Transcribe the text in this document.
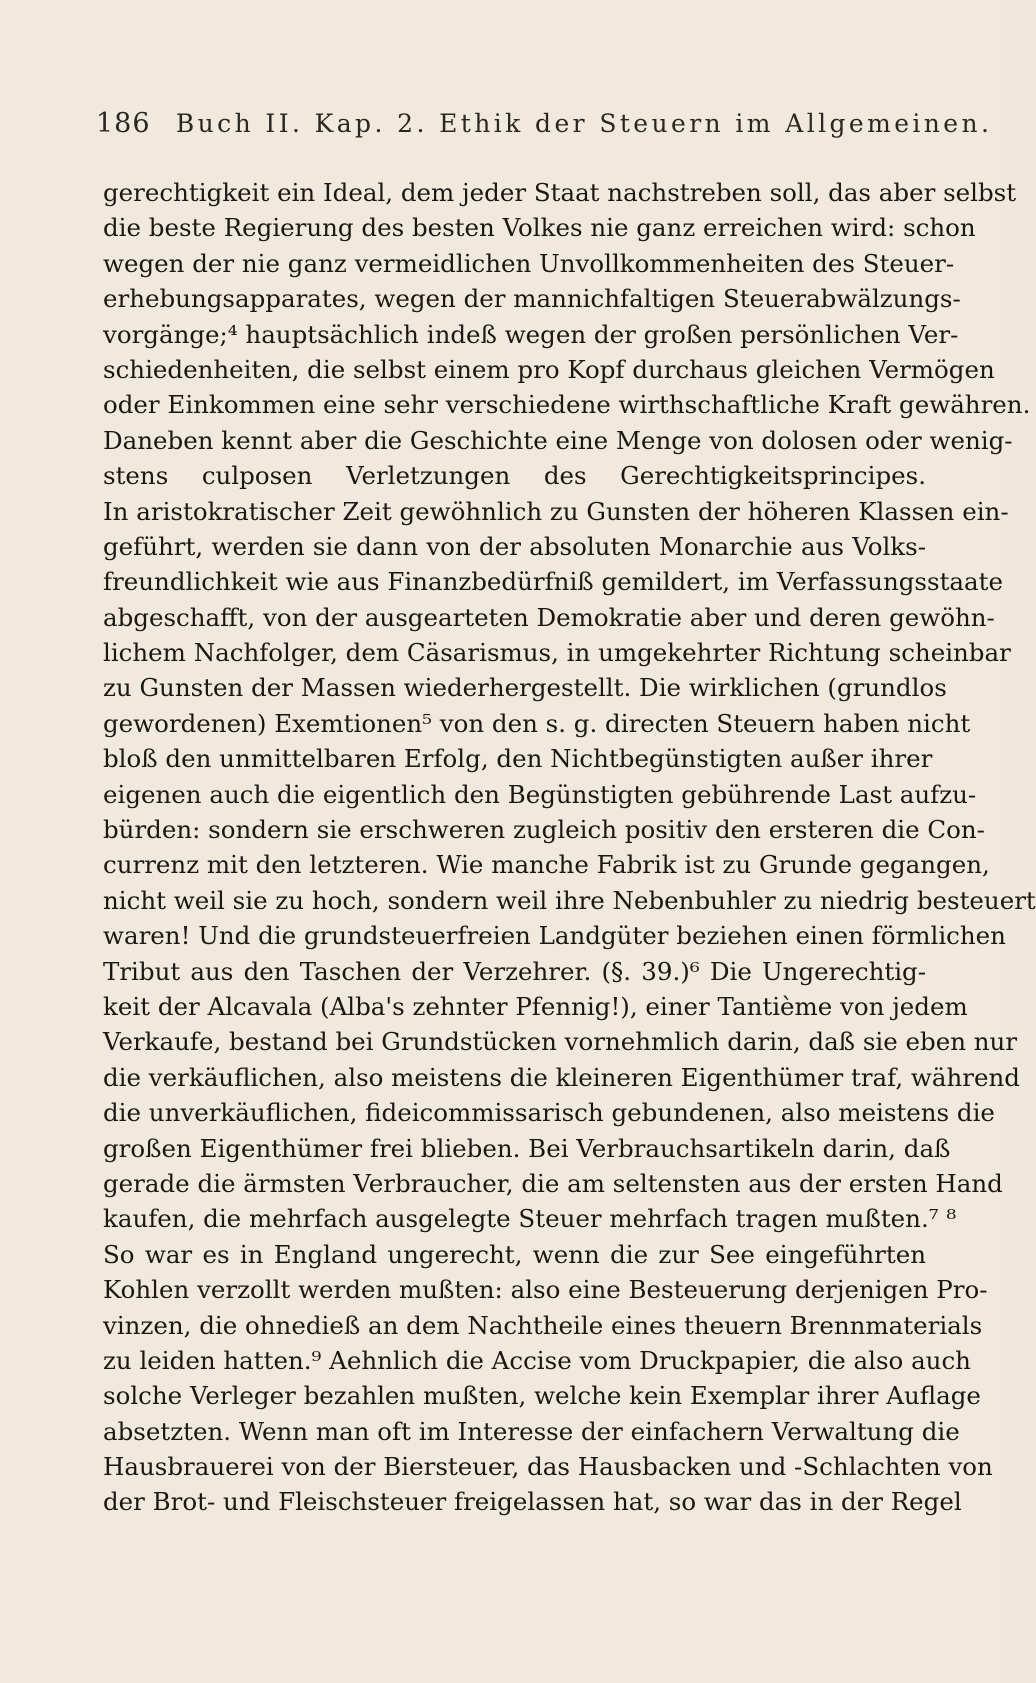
186 Buch II. Kap. 2. Ethik der Steuern im Allgemeinen.
gerechtigkeit ein Ideal, dem jeder Staat nachstreben soll, das aber selbst
die beste Regierung des besten Volkes nie ganz erreichen wird: schon
wegen der nie ganz vermeidlichen Unvollkommenheiten des Steuer-
erhebungsapparates, wegen der mannichfaltigen Steuerabwälzungs-
vorgänge;⁴ hauptsächlich indeß wegen der großen persönlichen Ver-
schiedenheiten, die selbst einem pro Kopf durchaus gleichen Vermögen
oder Einkommen eine sehr verschiedene wirthschaftliche Kraft gewähren.
Daneben kennt aber die Geschichte eine Menge von dolosen oder wenig-
stens culposen Verletzungen des Gerechtigkeitsprincipes.
In aristokratischer Zeit gewöhnlich zu Gunsten der höheren Klassen ein-
geführt, werden sie dann von der absoluten Monarchie aus Volks-
freundlichkeit wie aus Finanzbedürfniß gemildert, im Verfassungsstaate
abgeschafft, von der ausgearteten Demokratie aber und deren gewöhn-
lichem Nachfolger, dem Cäsarismus, in umgekehrter Richtung scheinbar
zu Gunsten der Massen wiederhergestellt. Die wirklichen (grundlos
gewordenen) Exemtionen⁵ von den s. g. directen Steuern haben nicht
bloß den unmittelbaren Erfolg, den Nichtbegünstigten außer ihrer
eigenen auch die eigentlich den Begünstigten gebührende Last aufzu-
bürden: sondern sie erschweren zugleich positiv den ersteren die Con-
currenz mit den letzteren. Wie manche Fabrik ist zu Grunde gegangen,
nicht weil sie zu hoch, sondern weil ihre Nebenbuhler zu niedrig besteuert
waren! Und die grundsteuerfreien Landgüter beziehen einen förmlichen
Tribut aus den Taschen der Verzehrer. (§. 39.)⁶ Die Ungerechtig-
keit der Alcavala (Alba's zehnter Pfennig!), einer Tantième von jedem
Verkaufe, bestand bei Grundstücken vornehmlich darin, daß sie eben nur
die verkäuflichen, also meistens die kleineren Eigenthümer traf, während
die unverkäuflichen, fideicommissarisch gebundenen, also meistens die
großen Eigenthümer frei blieben. Bei Verbrauchsartikeln darin, daß
gerade die ärmsten Verbraucher, die am seltensten aus der ersten Hand
kaufen, die mehrfach ausgelegte Steuer mehrfach tragen mußten.⁷ ⁸
So war es in England ungerecht, wenn die zur See eingeführten
Kohlen verzollt werden mußten: also eine Besteuerung derjenigen Pro-
vinzen, die ohnedieß an dem Nachtheile eines theuern Brennmaterials
zu leiden hatten.⁹ Aehnlich die Accise vom Druckpapier, die also auch
solche Verleger bezahlen mußten, welche kein Exemplar ihrer Auflage
absetzten. Wenn man oft im Interesse der einfachern Verwaltung die
Hausbrauerei von der Biersteuer, das Hausbacken und -Schlachten von
der Brot- und Fleischsteuer freigelassen hat, so war das in der Regel
